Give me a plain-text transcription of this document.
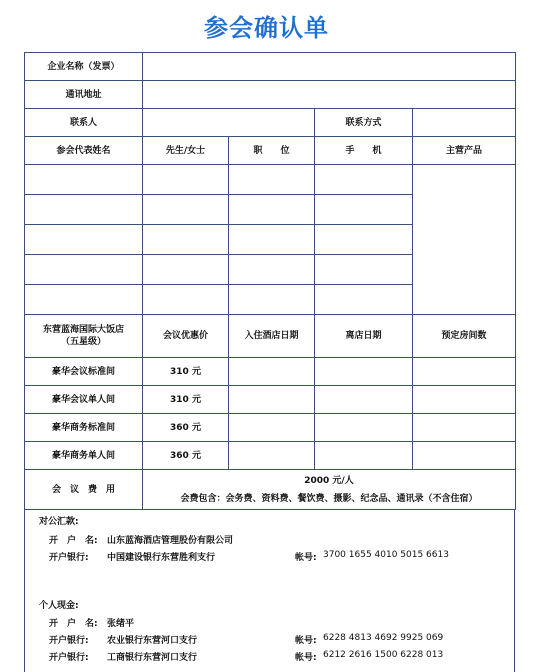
参会确认单
企业名称（发票）				
通讯地址				
联系人			联系方式	
参会代表姓名	先生/女士	职　　位	手　　机	主营产品

东营蓝海国际大饭店
（五星级）	会议优惠价	入住酒店日期	离店日期	预定房间数
豪华会议标准间	310 元			
豪华会议单人间	310 元			
豪华商务标准间	360 元			
豪华商务单人间	360 元			
会　议　费　用	2000 元/人
会费包含：会务费、资料费、餐饮费、摄影、纪念品、通讯录（不含住宿）			
对公汇款:
开　户　名: 山东蓝海酒店管理股份有限公司
开户银行: 中国建设银行东营胜利支行	帐号: 3700 1655 4010 5015 6613
个人现金:
开　户　名: 张绪平
开户银行: 农业银行东营河口支行	帐号: 6228 4813 4692 9925 069
开户银行: 工商银行东营河口支行	帐号: 6212 2616 1500 6228 013
